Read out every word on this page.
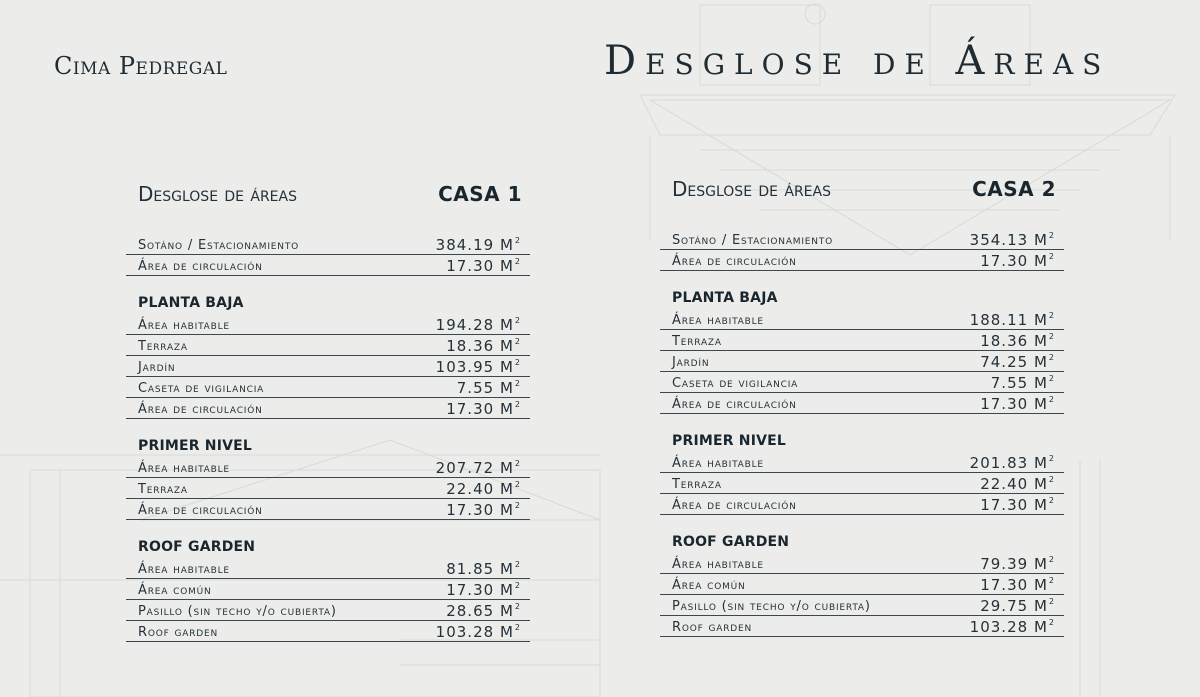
Cima Pedregal	Desglose de Áreas
Desglose de áreas	CASA 1
Sotáno / Estacionamiento	384.19 $M^2$
Área de circulación	17.30 $M^2$
PLANTA BAJA
Área habitable	194.28 $M^2$
Terraza	18.36 $M^2$
Jardín	103.95 $M^2$
Caseta de vigilancia	7.55 $M^2$
Área de circulación	17.30 $M^2$
PRIMER NIVEL
Área habitable	207.72 $M^2$
Terraza	22.40 $M^2$
Área de circulación	17.30 $M^2$
ROOF GARDEN
Área habitable	81.85 $M^2$
Área común	17.30 $M^2$
Pasillo (sin techo y/o cubierta)	28.65 $M^2$
Roof garden	103.28 $M^2$
Desglose de áreas	CASA 2
Sotáno / Estacionamiento	354.13 $M^2$
Área de circulación	17.30 $M^2$
PLANTA BAJA
Área habitable	188.11 $M^2$
Terraza	18.36 $M^2$
Jardín	74.25 $M^2$
Caseta de vigilancia	7.55 $M^2$
Área de circulación	17.30 $M^2$
PRIMER NIVEL
Área habitable	201.83 $M^2$
Terraza	22.40 $M^2$
Área de circulación	17.30 $M^2$
ROOF GARDEN
Área habitable	79.39 $M^2$
Área común	17.30 $M^2$
Pasillo (sin techo y/o cubierta)	29.75 $M^2$
Roof garden	103.28 $M^2$
